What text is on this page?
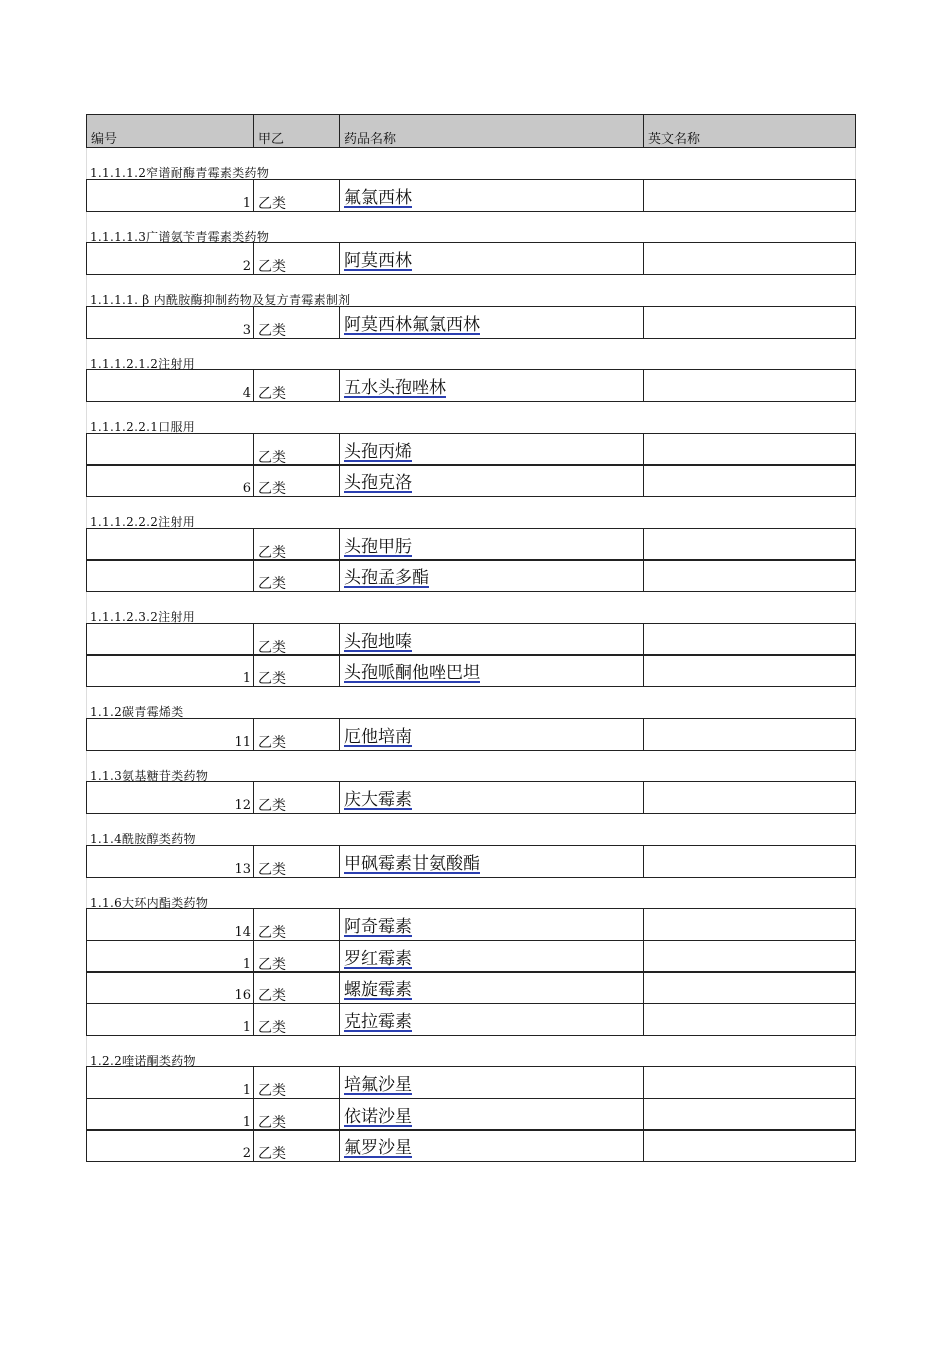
编号	甲乙	药品名称	英文名称
1.1.1.1.2窄谱耐酶青霉素类药物
1 乙类	氟氯西林
1.1.1.1.3广谱氨苄青霉素类药物
2 乙类	阿莫西林
1.1.1.1. β 内酰胺酶抑制药物及复方青霉素制剂
3 乙类	阿莫西林氟氯西林
1.1.1.2.1.2注射用
4 乙类	五水头孢唑林
1.1.1.2.2.1口服用
乙类	头孢丙烯
6 乙类	头孢克洛
1.1.1.2.2.2注射用
乙类	头孢甲肟
乙类	头孢孟多酯
1.1.1.2.3.2注射用
乙类	头孢地嗪
1 乙类	头孢哌酮他唑巴坦
1.1.2碳青霉烯类
11 乙类	厄他培南
1.1.3氨基糖苷类药物
12 乙类	庆大霉素
1.1.4酰胺醇类药物
13 乙类	甲砜霉素甘氨酸酯
1.1.6大环内酯类药物
14 乙类	阿奇霉素
1 乙类	罗红霉素
16 乙类	螺旋霉素
1 乙类	克拉霉素
1.2.2喹诺酮类药物
1 乙类	培氟沙星
1 乙类	依诺沙星
2 乙类	氟罗沙星
